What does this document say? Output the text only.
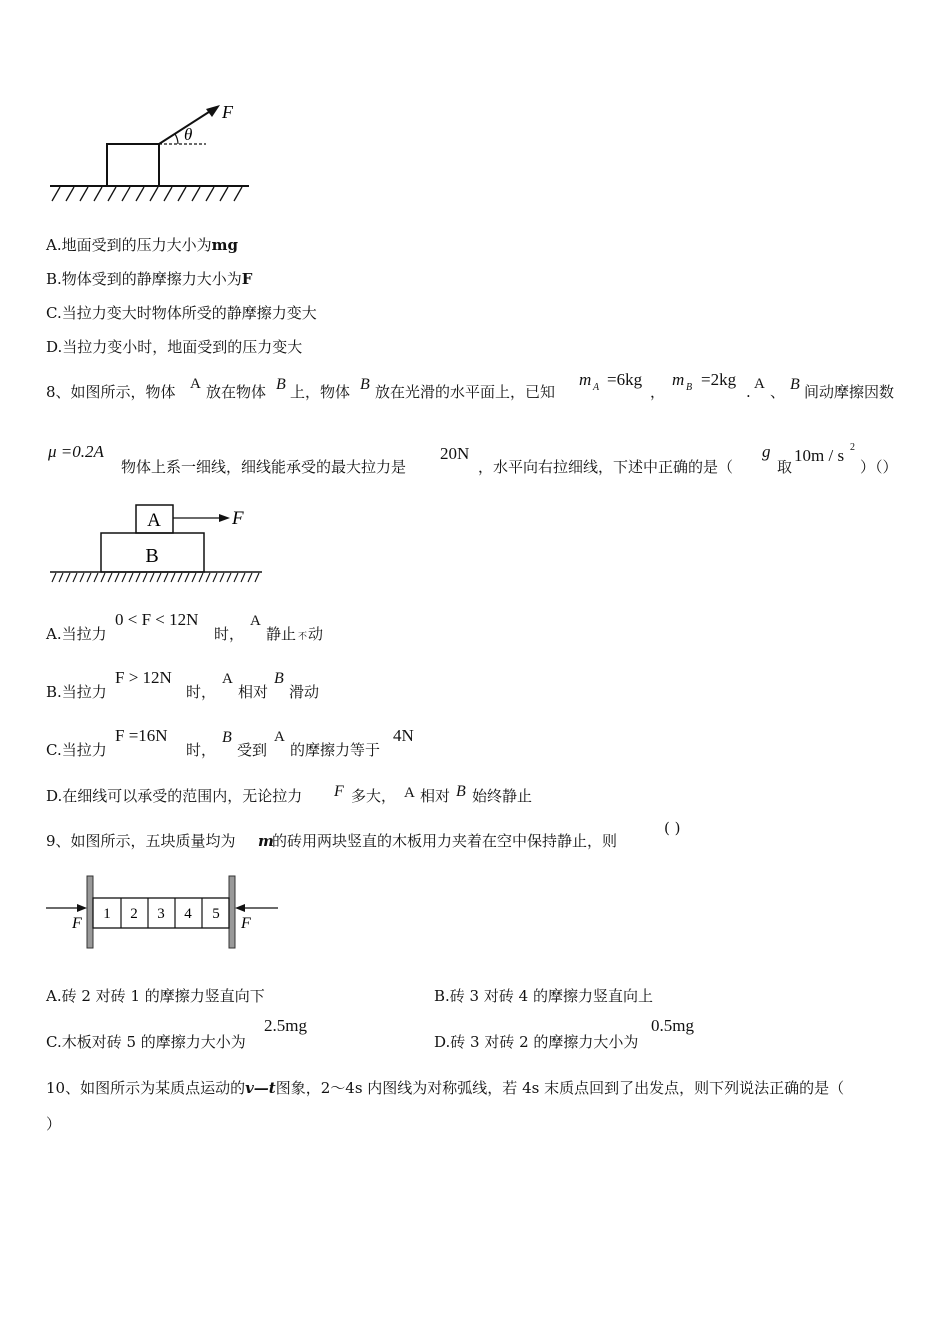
θ
F
A.地面受到的压力大小为mg
B.物体受到的静摩擦力大小为F
C.当拉力变大时物体所受的静摩擦力变大
D.当拉力变小时，地面受到的压力变大
8、如图所示，物体 A 放在物体 B 上，物体 B 放在光滑的水平面上，已知
m A =6kg
，
m B =2kg
. A 、 B 间动摩擦因数
μ =0.2A
物体上系一细线，细线能承受的最大拉力是
20N
，水平向右拉细线，下述中正确的是（
g
取
10m / s 2
）（）
B
A	F
A.当拉力
0 < F < 12N
时，
A
静止 不 动
B.当拉力
F > 12N
时，
A
相对
B
滑动
C.当拉力
F =16N
时，
B
受到
A
的摩擦力等于
4N
D.在细线可以承受的范围内，无论拉力 F 多大， A 相对 B 始终静止
9、如图所示，五块质量均为 m
的砖用两块竖直的木板用力夹着在空中保持静止，则
( )
1 2 3 4 5
F	F
A.砖 2 对砖 1 的摩擦力竖直向下	B.砖 3 对砖 4 的摩擦力竖直向上
C.木板对砖 5 的摩擦力大小为
2.5mg
D.砖 3 对砖 2 的摩擦力大小为
0.5mg
10、如图所示为某质点运动的v—t图象，2～4s 内图线为对称弧线，若 4s 末质点回到了出发点，则下列说法正确的是（
）
